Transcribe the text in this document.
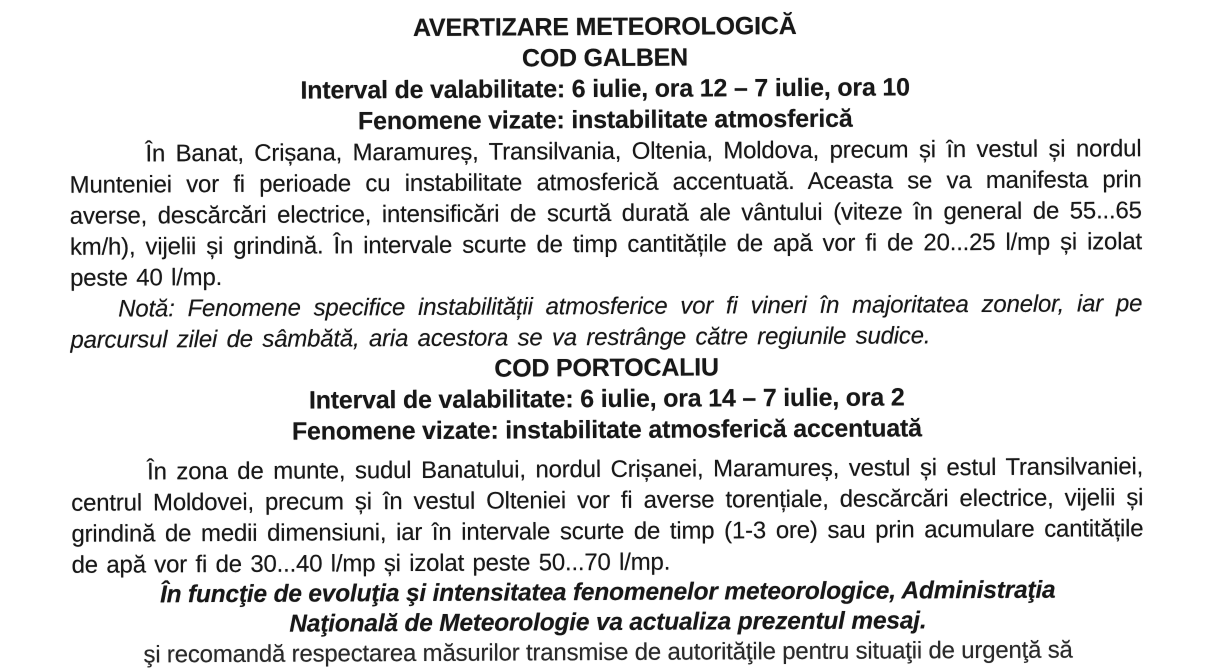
AVERTIZARE METEOROLOGICĂ
COD GALBEN
Interval de valabilitate: 6 iulie, ora 12 – 7 iulie, ora 10
Fenomene vizate: instabilitate atmosferică

În Banat, Crișana, Maramureș, Transilvania, Oltenia, Moldova, precum și în vestul și nordul Munteniei vor fi perioade cu instabilitate atmosferică accentuată. Aceasta se va manifesta prin averse, descărcări electrice, intensificări de scurtă durată ale vântului (viteze în general de 55...65 km/h), vijelii și grindină. În intervale scurte de timp cantitățile de apă vor fi de 20...25 l/mp și izolat peste 40 l/mp.

Notă: Fenomene specifice instabilității atmosferice vor fi vineri în majoritatea zonelor, iar pe parcursul zilei de sâmbătă, aria acestora se va restrânge către regiunile sudice.

COD PORTOCALIU
Interval de valabilitate: 6 iulie, ora 14 – 7 iulie, ora 2
Fenomene vizate: instabilitate atmosferică accentuată

În zona de munte, sudul Banatului, nordul Crișanei, Maramureș, vestul și estul Transilvaniei, centrul Moldovei, precum și în vestul Olteniei vor fi averse torențiale, descărcări electrice, vijelii și grindină de medii dimensiuni, iar în intervale scurte de timp (1-3 ore) sau prin acumulare cantitățile de apă vor fi de 30...40 l/mp și izolat peste 50...70 l/mp.

În funcţie de evoluţia şi intensitatea fenomenelor meteorologice, Administraţia Naţională de Meteorologie va actualiza prezentul mesaj.
şi recomandă respectarea măsurilor transmise de autorităţile pentru situaţii de urgenţă să
